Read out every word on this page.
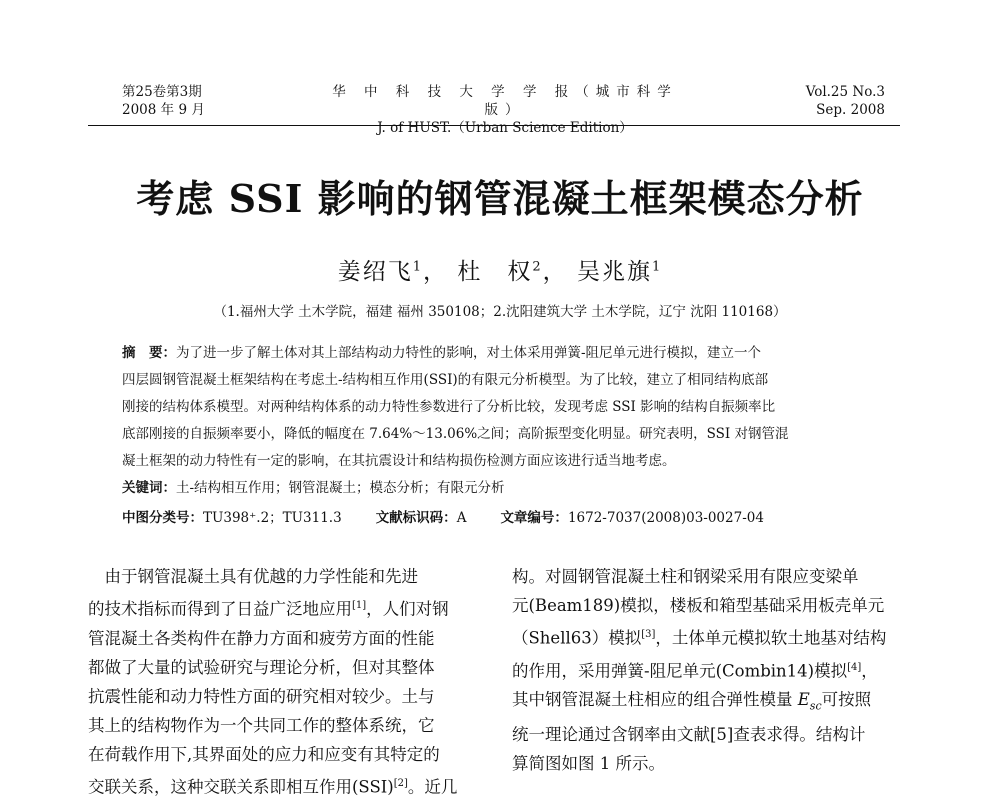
第25卷第3期
2008 年 9 月
华 中 科 技 大 学 学 报（城市科学版）
J. of HUST.（Urban Science Edition）
Vol.25 No.3
Sep. 2008
考虑 SSI 影响的钢管混凝土框架模态分析
姜绍飞$^1$， 杜　权$^2$， 吴兆旗$^1$
（1.福州大学 土木学院，福建 福州 350108；2.沈阳建筑大学 土木学院，辽宁 沈阳 110168）
摘　要：为了进一步了解土体对其上部结构动力特性的影响，对土体采用弹簧-阻尼单元进行模拟，建立一个
四层圆钢管混凝土框架结构在考虑土-结构相互作用(SSI)的有限元分析模型。为了比较，建立了相同结构底部
刚接的结构体系模型。对两种结构体系的动力特性参数进行了分析比较，发现考虑 SSI 影响的结构自振频率比
底部刚接的自振频率要小，降低的幅度在 7.64%～13.06%之间；高阶振型变化明显。研究表明，SSI 对钢管混
凝土框架的动力特性有一定的影响，在其抗震设计和结构损伤检测方面应该进行适当地考虑。
关键词：土-结构相互作用；钢管混凝土；模态分析；有限元分析
中图分类号：TU398⁺.2；TU311.3	文献标识码：A	文章编号：1672-7037(2008)03-0027-04
　由于钢管混凝土具有优越的力学性能和先进
的技术指标而得到了日益广泛地应用[1]，人们对钢
管混凝土各类构件在静力方面和疲劳方面的性能
都做了大量的试验研究与理论分析，但对其整体
抗震性能和动力特性方面的研究相对较少。土与
其上的结构物作为一个共同工作的整体系统，它
在荷载作用下,其界面处的应力和应变有其特定的
交联关系，这种交联关系即相互作用(SSI)[2]。近几
构。对圆钢管混凝土柱和钢梁采用有限应变梁单
元(Beam189)模拟，楼板和箱型基础采用板壳单元
（Shell63）模拟[3]，土体单元模拟软土地基对结构
的作用，采用弹簧-阻尼单元(Combin14)模拟[4]，
其中钢管混凝土柱相应的组合弹性模量 $E_{sc}$可按照
统一理论通过含钢率由文献[5]查表求得。结构计
算简图如图 1 所示。
